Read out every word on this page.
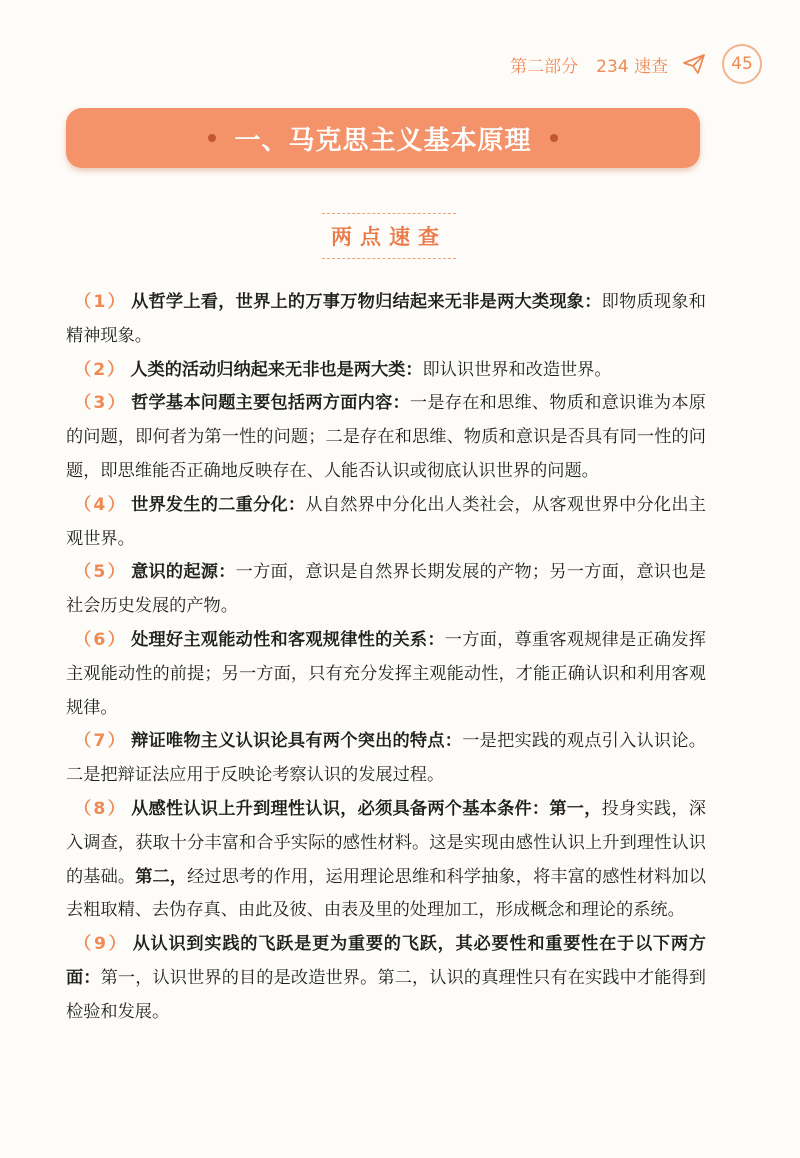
第二部分 234 速查	45
一、马克思主义基本原理
两点速查

（1） 从哲学上看，世界上的万事万物归结起来无非是两大类现象：即物质现象和精神现象。

（2） 人类的活动归纳起来无非也是两大类：即认识世界和改造世界。

（3） 哲学基本问题主要包括两方面内容：一是存在和思维、物质和意识谁为本原的问题，即何者为第一性的问题；二是存在和思维、物质和意识是否具有同一性的问题，即思维能否正确地反映存在、人能否认识或彻底认识世界的问题。

（4） 世界发生的二重分化：从自然界中分化出人类社会，从客观世界中分化出主观世界。

（5） 意识的起源：一方面，意识是自然界长期发展的产物；另一方面，意识也是社会历史发展的产物。

（6） 处理好主观能动性和客观规律性的关系：一方面，尊重客观规律是正确发挥主观能动性的前提；另一方面，只有充分发挥主观能动性，才能正确认识和利用客观规律。

（7） 辩证唯物主义认识论具有两个突出的特点：一是把实践的观点引入认识论。二是把辩证法应用于反映论考察认识的发展过程。

（8） 从感性认识上升到理性认识，必须具备两个基本条件：第一，投身实践，深入调查，获取十分丰富和合乎实际的感性材料。这是实现由感性认识上升到理性认识的基础。第二，经过思考的作用，运用理论思维和科学抽象，将丰富的感性材料加以去粗取精、去伪存真、由此及彼、由表及里的处理加工，形成概念和理论的系统。

（9） 从认识到实践的飞跃是更为重要的飞跃，其必要性和重要性在于以下两方面：第一，认识世界的目的是改造世界。第二，认识的真理性只有在实践中才能得到检验和发展。
